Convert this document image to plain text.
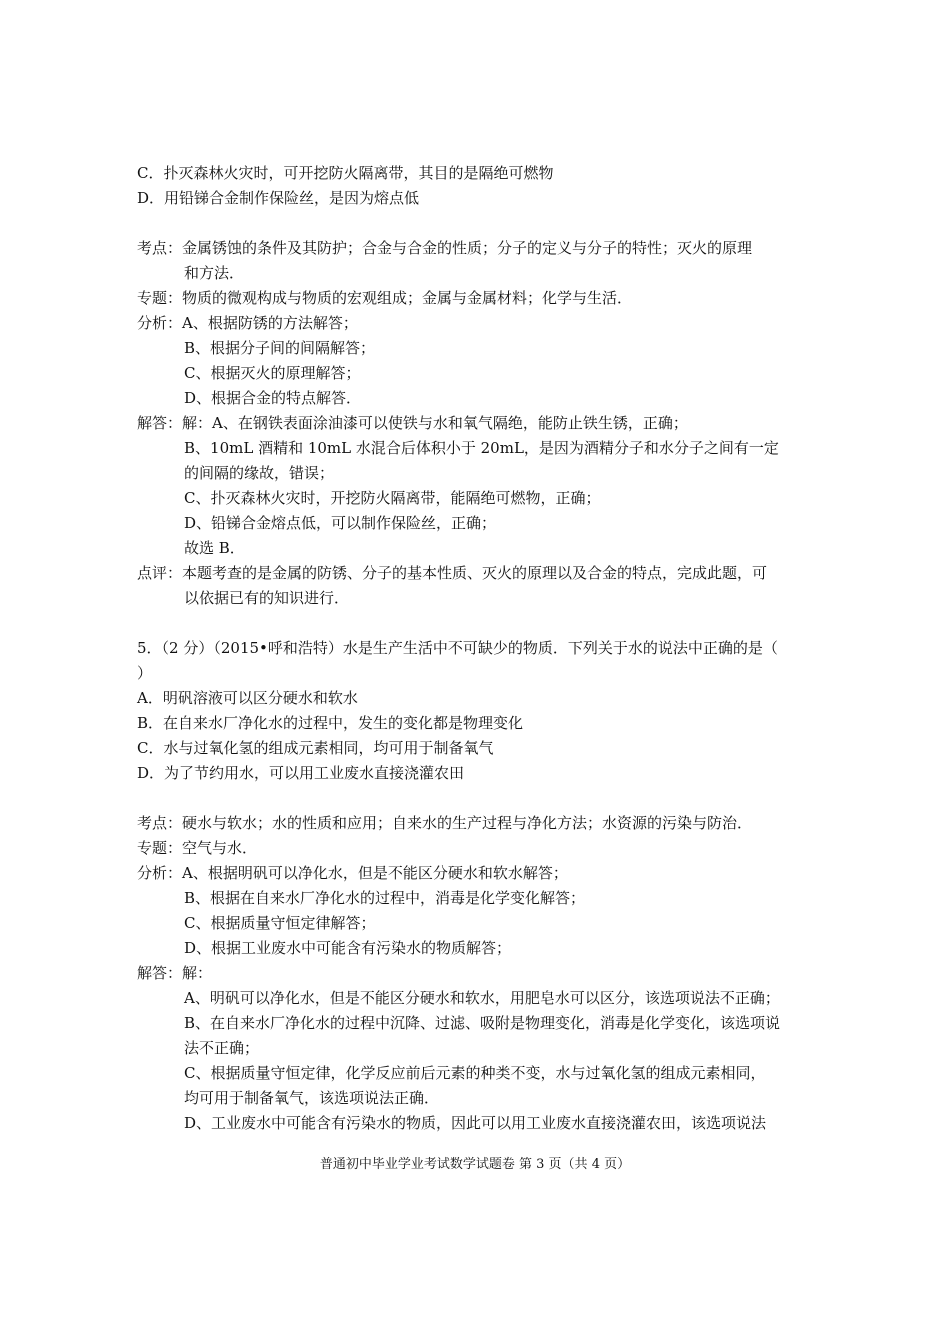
C．扑灭森林火灾时，可开挖防火隔离带，其目的是隔绝可燃物
D．用铅锑合金制作保险丝，是因为熔点低
考点：金属锈蚀的条件及其防护；合金与合金的性质；分子的定义与分子的特性；灭火的原理
和方法．
专题：物质的微观构成与物质的宏观组成；金属与金属材料；化学与生活．
分析：A、根据防锈的方法解答；
B、根据分子间的间隔解答；
C、根据灭火的原理解答；
D、根据合金的特点解答．
解答：解：A、在钢铁表面涂油漆可以使铁与水和氧气隔绝，能防止铁生锈，正确；
B、10mL 酒精和 10mL 水混合后体积小于 20mL，是因为酒精分子和水分子之间有一定
的间隔的缘故，错误；
C、扑灭森林火灾时，开挖防火隔离带，能隔绝可燃物，正确；
D、铅锑合金熔点低，可以制作保险丝，正确；
故选 B．
点评：本题考查的是金属的防锈、分子的基本性质、灭火的原理以及合金的特点，完成此题，可
以依据已有的知识进行．
5．（2 分）（2015•呼和浩特）水是生产生活中不可缺少的物质．下列关于水的说法中正确的是（
）
A．明矾溶液可以区分硬水和软水
B．在自来水厂净化水的过程中，发生的变化都是物理变化
C．水与过氧化氢的组成元素相同，均可用于制备氧气
D．为了节约用水，可以用工业废水直接浇灌农田
考点：硬水与软水；水的性质和应用；自来水的生产过程与净化方法；水资源的污染与防治．
专题：空气与水．
分析：A、根据明矾可以净化水，但是不能区分硬水和软水解答；
B、根据在自来水厂净化水的过程中，消毒是化学变化解答；
C、根据质量守恒定律解答；
D、根据工业废水中可能含有污染水的物质解答；
解答：解：
A、明矾可以净化水，但是不能区分硬水和软水，用肥皂水可以区分，该选项说法不正确；
B、在自来水厂净化水的过程中沉降、过滤、吸附是物理变化，消毒是化学变化，该选项说
法不正确；
C、根据质量守恒定律，化学反应前后元素的种类不变，水与过氧化氢的组成元素相同，
均可用于制备氧气，该选项说法正确．
D、工业废水中可能含有污染水的物质，因此可以用工业废水直接浇灌农田，该选项说法
普通初中毕业学业考试数学试题卷 第 3 页（共 4 页）
